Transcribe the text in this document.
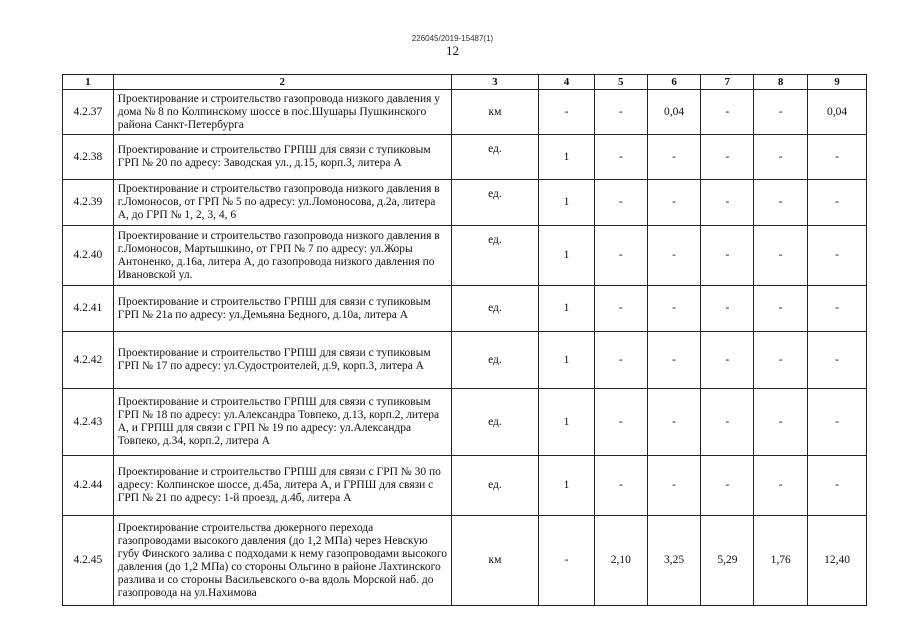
226045/2019-15487(1)
12
1	2	3	4	5	6	7	8	9
4.2.37	Проектирование и строительство газопровода низкого давления у дома № 8 по Колпинскому шоссе в пос.Шушары Пушкинского района Санкт-Петербурга	км	-	-	0,04	-	-	0,04
4.2.38	Проектирование и строительство ГРПШ для связи с тупиковым ГРП № 20 по адресу: Заводская ул., д.15, корп.3, литера А	ед.	1	-	-	-	-	-
4.2.39	Проектирование и строительство газопровода низкого давления в г.Ломоносов, от ГРП № 5 по адресу: ул.Ломоносова, д.2а, литера А, до ГРП № 1, 2, 3, 4, 6	ед.	1	-	-	-	-	-
4.2.40	Проектирование и строительство газопровода низкого давления в г.Ломоносов, Мартышкино, от ГРП № 7 по адресу: ул.Жоры Антоненко, д.16а, литера А, до газопровода низкого давления по Ивановской ул.	ед.	1	-	-	-	-	-
4.2.41	Проектирование и строительство ГРПШ для связи с тупиковым ГРП № 21а по адресу: ул.Демьяна Бедного, д.10а, литера А	ед.	1	-	-	-	-	-
4.2.42	Проектирование и строительство ГРПШ для связи с тупиковым ГРП № 17 по адресу: ул.Судостроителей, д.9, корп.3, литера А	ед.	1	-	-	-	-	-
4.2.43	Проектирование и строительство ГРПШ для связи с тупиковым ГРП № 18 по адресу: ул.Александра Товпеко, д.13, корп.2, литера А, и ГРПШ для связи с ГРП № 19 по адресу: ул.Александра Товпеко, д.34, корп.2, литера А	ед.	1	-	-	-	-	-
4.2.44	Проектирование и строительство ГРПШ для связи с ГРП № 30 по адресу: Колпинское шоссе, д.45а, литера А, и ГРПШ для связи с ГРП № 21 по адресу: 1-й проезд, д.4б, литера А	ед.	1	-	-	-	-	-
4.2.45	Проектирование строительства дюкерного перехода газопроводами высокого давления (до 1,2 МПа) через Невскую губу Финского залива с подходами к нему газопроводами высокого давления (до 1,2 МПа) со стороны Ольгино в районе Лахтинского разлива и со стороны Васильевского о-ва вдоль Морской наб. до газопровода на ул.Нахимова	км	-	2,10	3,25	5,29	1,76	12,40
